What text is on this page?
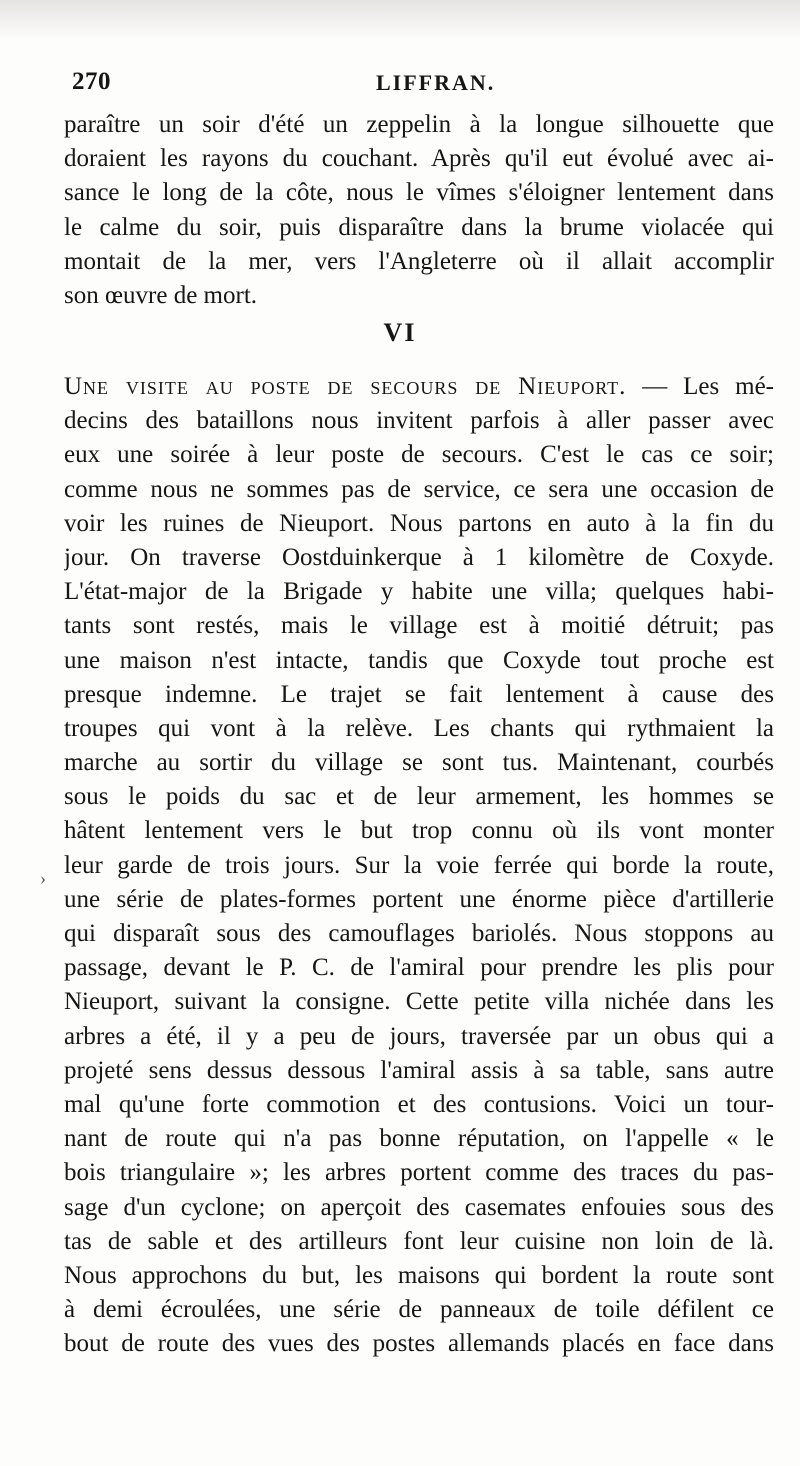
270	LIFFRAN.
paraître un soir d'été un zeppelin à la longue silhouette que
doraient les rayons du couchant. Après qu'il eut évolué avec ai-
sance le long de la côte, nous le vîmes s'éloigner lentement dans
le calme du soir, puis disparaître dans la brume violacée qui
montait de la mer, vers l'Angleterre où il allait accomplir
son œuvre de mort.
VI
Une visite au poste de secours de Nieuport. — Les mé-
decins des bataillons nous invitent parfois à aller passer avec
eux une soirée à leur poste de secours. C'est le cas ce soir;
comme nous ne sommes pas de service, ce sera une occasion de
voir les ruines de Nieuport. Nous partons en auto à la fin du
jour. On traverse Oostduinkerque à 1 kilomètre de Coxyde.
L'état-major de la Brigade y habite une villa; quelques habi-
tants sont restés, mais le village est à moitié détruit; pas
une maison n'est intacte, tandis que Coxyde tout proche est
presque indemne. Le trajet se fait lentement à cause des
troupes qui vont à la relève. Les chants qui rythmaient la
marche au sortir du village se sont tus. Maintenant, courbés
sous le poids du sac et de leur armement, les hommes se
hâtent lentement vers le but trop connu où ils vont monter
leur garde de trois jours. Sur la voie ferrée qui borde la route,
une série de plates-formes portent une énorme pièce d'artillerie
qui disparaît sous des camouflages bariolés. Nous stoppons au
passage, devant le P. C. de l'amiral pour prendre les plis pour
Nieuport, suivant la consigne. Cette petite villa nichée dans les
arbres a été, il y a peu de jours, traversée par un obus qui a
projeté sens dessus dessous l'amiral assis à sa table, sans autre
mal qu'une forte commotion et des contusions. Voici un tour-
nant de route qui n'a pas bonne réputation, on l'appelle « le
bois triangulaire »; les arbres portent comme des traces du pas-
sage d'un cyclone; on aperçoit des casemates enfouies sous des
tas de sable et des artilleurs font leur cuisine non loin de là.
Nous approchons du but, les maisons qui bordent la route sont
à demi écroulées, une série de panneaux de toile défilent ce
bout de route des vues des postes allemands placés en face dans
›
